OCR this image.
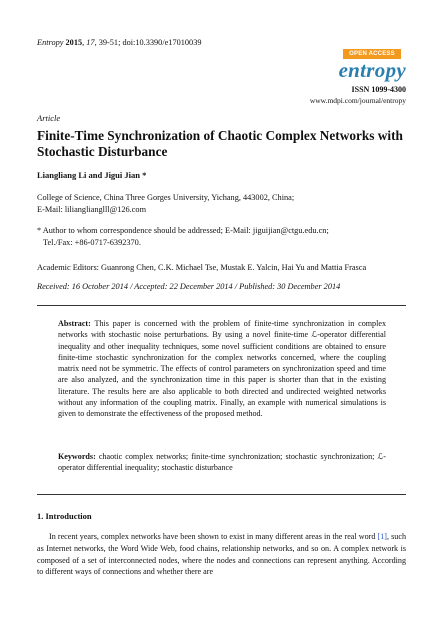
Entropy 2015, 17, 39-51; doi:10.3390/e17010039
OPEN ACCESS
entropy
ISSN 1099-4300
www.mdpi.com/journal/entropy
Article
Finite-Time Synchronization of Chaotic Complex Networks with Stochastic Disturbance
Liangliang Li and Jigui Jian *
College of Science, China Three Gorges University, Yichang, 443002, China;
E-Mail: lilianglianglll@126.com
* Author to whom correspondence should be addressed; E-Mail: jiguijian@ctgu.edu.cn;
Tel./Fax: +86-0717-6392370.
Academic Editors: Guanrong Chen, C.K. Michael Tse, Mustak E. Yalcin, Hai Yu and Mattia Frasca
Received: 16 October 2014 / Accepted: 22 December 2014 / Published: 30 December 2014
Abstract: This paper is concerned with the problem of finite-time synchronization in complex networks with stochastic noise perturbations. By using a novel finite-time ℒ-operator differential inequality and other inequality techniques, some novel sufficient conditions are obtained to ensure finite-time stochastic synchronization for the complex networks concerned, where the coupling matrix need not be symmetric. The effects of control parameters on synchronization speed and time are also analyzed, and the synchronization time in this paper is shorter than that in the existing literature. The results here are also applicable to both directed and undirected weighted networks without any information of the coupling matrix. Finally, an example with numerical simulations is given to demonstrate the effectiveness of the proposed method.
Keywords: chaotic complex networks; finite-time synchronization; stochastic synchronization; ℒ-operator differential inequality; stochastic disturbance
1. Introduction
In recent years, complex networks have been shown to exist in many different areas in the real word [1], such as Internet networks, the Word Wide Web, food chains, relationship networks, and so on. A complex network is composed of a set of interconnected nodes, where the nodes and connections can represent anything. According to different ways of connections and whether there are
